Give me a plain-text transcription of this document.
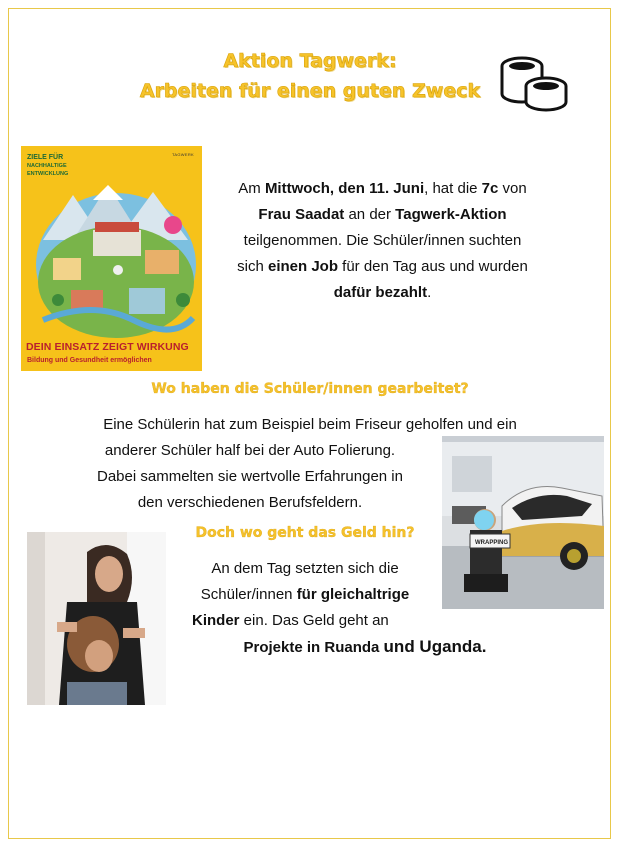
Aktion Tagwerk:
Arbeiten für einen guten Zweck
ZIELE FÜR
NACHHALTIGE
ENTWICKLUNG
TAGWERK
DEIN EINSATZ ZEIGT WIRKUNG
Bildung und Gesundheit ermöglichen
Am Mittwoch, den 11. Juni, hat die 7c von
Frau Saadat an der Tagwerk-Aktion
teilgenommen. Die Schüler/innen suchten
sich einen Job für den Tag aus und wurden
dafür bezahlt.
Wo haben die Schüler/innen gearbeitet?
Eine Schülerin hat zum Beispiel beim Friseur geholfen und ein
anderer Schüler half bei der Auto Folierung.
Dabei sammelten sie wertvolle Erfahrungen in
den verschiedenen Berufsfeldern.
WRAPPING
Doch wo geht das Geld hin?
An dem Tag setzten sich die
Schüler/innen für gleichaltrige
Kinder ein. Das Geld geht an
Projekte in Ruanda und Uganda.
